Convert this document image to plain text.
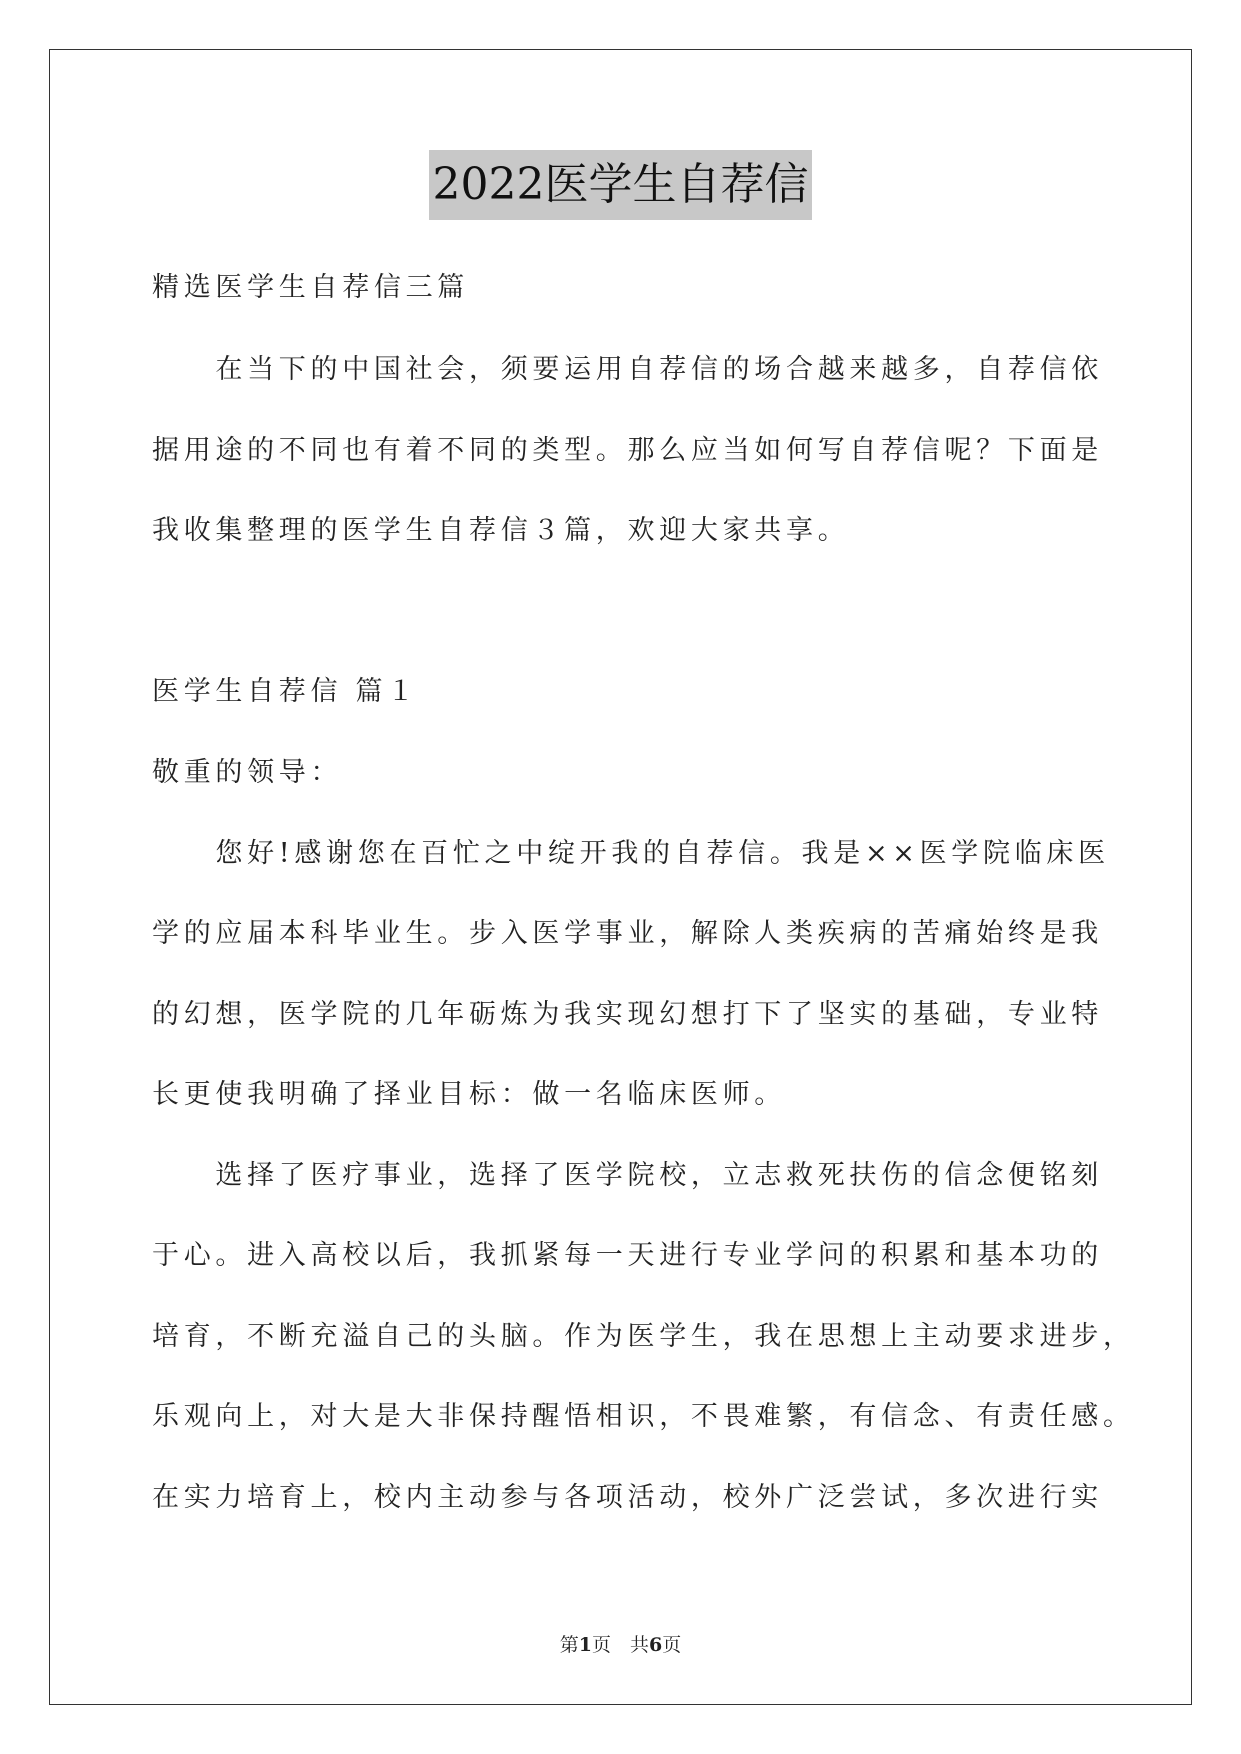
2022医学生自荐信
精选医学生自荐信三篇
　　在当下的中国社会，须要运用自荐信的场合越来越多，自荐信依
据用途的不同也有着不同的类型。那么应当如何写自荐信呢？下面是
我收集整理的医学生自荐信３篇，欢迎大家共享。
医学生自荐信 篇１
敬重的领导：
　　您好!感谢您在百忙之中绽开我的自荐信。我是××医学院临床医
学的应届本科毕业生。步入医学事业，解除人类疾病的苦痛始终是我
的幻想，医学院的几年砺炼为我实现幻想打下了坚实的基础，专业特
长更使我明确了择业目标：做一名临床医师。
　　选择了医疗事业，选择了医学院校，立志救死扶伤的信念便铭刻
于心。进入高校以后，我抓紧每一天进行专业学问的积累和基本功的
培育，不断充溢自己的头脑。作为医学生，我在思想上主动要求进步，
乐观向上，对大是大非保持醒悟相识，不畏难繁，有信念、有责任感。
在实力培育上，校内主动参与各项活动，校外广泛尝试，多次进行实
第1页　共6页
